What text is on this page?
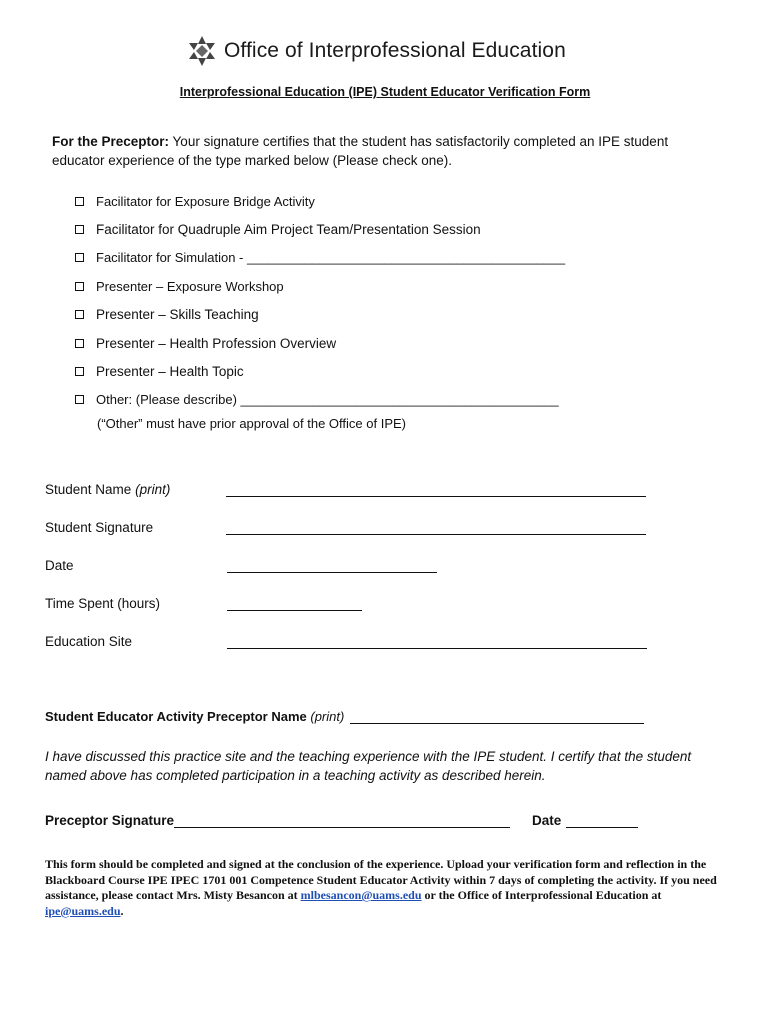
Office of Interprofessional Education
Interprofessional Education (IPE) Student Educator Verification Form
For the Preceptor: Your signature certifies that the student has satisfactorily completed an IPE student educator experience of the type marked below (Please check one).
Facilitator for Exposure Bridge Activity
Facilitator for Quadruple Aim Project Team/Presentation Session
Facilitator for Simulation - ____________________________________________
Presenter – Exposure Workshop
Presenter – Skills Teaching
Presenter – Health Profession Overview
Presenter – Health Topic
Other: (Please describe) ____________________________________________
(“Other” must have prior approval of the Office of IPE)
Student Name (print)
Student Signature
Date
Time Spent (hours)
Education Site
Student Educator Activity Preceptor Name
(print)
I have discussed this practice site and the teaching experience with the IPE student. I certify that the student named above has completed participation in a teaching activity as described herein.
Preceptor Signature	Date
This form should be completed and signed at the conclusion of the experience. Upload your verification form and reflection in the Blackboard Course IPE IPEC 1701 001 Competence Student Educator Activity within 7 days of completing the activity. If you need assistance, please contact Mrs. Misty Besancon at mlbesancon@uams.edu or the Office of Interprofessional Education at ipe@uams.edu.
